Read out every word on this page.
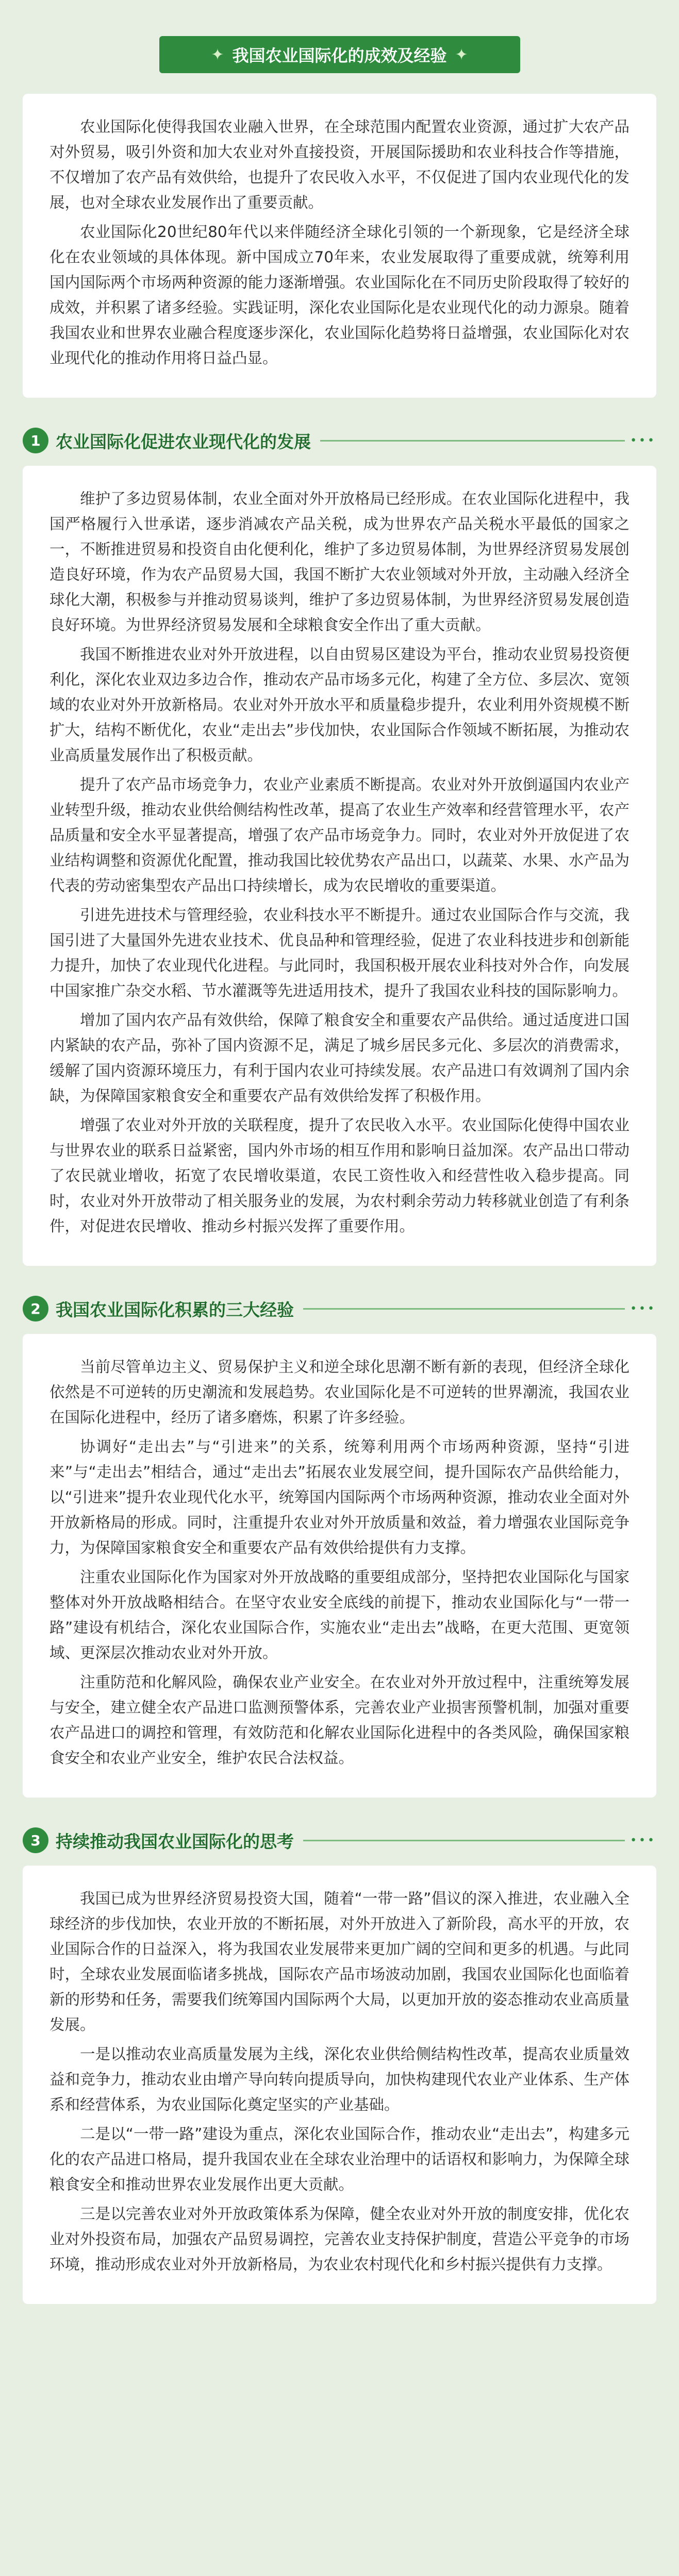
✦ 我国农业国际化的成效及经验 ✦

农业国际化使得我国农业融入世界，在全球范围内配置农业资源，通过扩大农产品对外贸易，吸引外资和加大农业对外直接投资，开展国际援助和农业科技合作等措施，不仅增加了农产品有效供给，也提升了农民收入水平，不仅促进了国内农业现代化的发展，也对全球农业发展作出了重要贡献。

农业国际化20世纪80年代以来伴随经济全球化引领的一个新现象，它是经济全球化在农业领域的具体体现。新中国成立70年来，农业发展取得了重要成就，统筹利用国内国际两个市场两种资源的能力逐渐增强。农业国际化在不同历史阶段取得了较好的成效，并积累了诸多经验。实践证明，深化农业国际化是农业现代化的动力源泉。随着我国农业和世界农业融合程度逐步深化，农业国际化趋势将日益增强，农业国际化对农业现代化的推动作用将日益凸显。

1 农业国际化促进农业现代化的发展	•••

维护了多边贸易体制，农业全面对外开放格局已经形成。在农业国际化进程中，我国严格履行入世承诺，逐步消减农产品关税，成为世界农产品关税水平最低的国家之一，不断推进贸易和投资自由化便利化，维护了多边贸易体制，为世界经济贸易发展创造良好环境，作为农产品贸易大国，我国不断扩大农业领域对外开放，主动融入经济全球化大潮，积极参与并推动贸易谈判，维护了多边贸易体制，为世界经济贸易发展创造良好环境。为世界经济贸易发展和全球粮食安全作出了重大贡献。

我国不断推进农业对外开放进程，以自由贸易区建设为平台，推动农业贸易投资便利化，深化农业双边多边合作，推动农产品市场多元化，构建了全方位、多层次、宽领域的农业对外开放新格局。农业对外开放水平和质量稳步提升，农业利用外资规模不断扩大，结构不断优化，农业“走出去”步伐加快，农业国际合作领域不断拓展，为推动农业高质量发展作出了积极贡献。

提升了农产品市场竞争力，农业产业素质不断提高。农业对外开放倒逼国内农业产业转型升级，推动农业供给侧结构性改革，提高了农业生产效率和经营管理水平，农产品质量和安全水平显著提高，增强了农产品市场竞争力。同时，农业对外开放促进了农业结构调整和资源优化配置，推动我国比较优势农产品出口，以蔬菜、水果、水产品为代表的劳动密集型农产品出口持续增长，成为农民增收的重要渠道。

引进先进技术与管理经验，农业科技水平不断提升。通过农业国际合作与交流，我国引进了大量国外先进农业技术、优良品种和管理经验，促进了农业科技进步和创新能力提升，加快了农业现代化进程。与此同时，我国积极开展农业科技对外合作，向发展中国家推广杂交水稻、节水灌溉等先进适用技术，提升了我国农业科技的国际影响力。

增加了国内农产品有效供给，保障了粮食安全和重要农产品供给。通过适度进口国内紧缺的农产品，弥补了国内资源不足，满足了城乡居民多元化、多层次的消费需求，缓解了国内资源环境压力，有利于国内农业可持续发展。农产品进口有效调剂了国内余缺，为保障国家粮食安全和重要农产品有效供给发挥了积极作用。

增强了农业对外开放的关联程度，提升了农民收入水平。农业国际化使得中国农业与世界农业的联系日益紧密，国内外市场的相互作用和影响日益加深。农产品出口带动了农民就业增收，拓宽了农民增收渠道，农民工资性收入和经营性收入稳步提高。同时，农业对外开放带动了相关服务业的发展，为农村剩余劳动力转移就业创造了有利条件，对促进农民增收、推动乡村振兴发挥了重要作用。

2 我国农业国际化积累的三大经验	•••

当前尽管单边主义、贸易保护主义和逆全球化思潮不断有新的表现，但经济全球化依然是不可逆转的历史潮流和发展趋势。农业国际化是不可逆转的世界潮流，我国农业在国际化进程中，经历了诸多磨炼，积累了许多经验。

协调好“走出去”与“引进来”的关系，统筹利用两个市场两种资源，坚持“引进来”与“走出去”相结合，通过“走出去”拓展农业发展空间，提升国际农产品供给能力，以“引进来”提升农业现代化水平，统筹国内国际两个市场两种资源，推动农业全面对外开放新格局的形成。同时，注重提升农业对外开放质量和效益，着力增强农业国际竞争力，为保障国家粮食安全和重要农产品有效供给提供有力支撑。

注重农业国际化作为国家对外开放战略的重要组成部分，坚持把农业国际化与国家整体对外开放战略相结合。在坚守农业安全底线的前提下，推动农业国际化与“一带一路”建设有机结合，深化农业国际合作，实施农业“走出去”战略，在更大范围、更宽领域、更深层次推动农业对外开放。

注重防范和化解风险，确保农业产业安全。在农业对外开放过程中，注重统筹发展与安全，建立健全农产品进口监测预警体系，完善农业产业损害预警机制，加强对重要农产品进口的调控和管理，有效防范和化解农业国际化进程中的各类风险，确保国家粮食安全和农业产业安全，维护农民合法权益。

3 持续推动我国农业国际化的思考	•••

我国已成为世界经济贸易投资大国，随着“一带一路”倡议的深入推进，农业融入全球经济的步伐加快，农业开放的不断拓展，对外开放进入了新阶段，高水平的开放，农业国际合作的日益深入，将为我国农业发展带来更加广阔的空间和更多的机遇。与此同时，全球农业发展面临诸多挑战，国际农产品市场波动加剧，我国农业国际化也面临着新的形势和任务，需要我们统筹国内国际两个大局，以更加开放的姿态推动农业高质量发展。

一是以推动农业高质量发展为主线，深化农业供给侧结构性改革，提高农业质量效益和竞争力，推动农业由增产导向转向提质导向，加快构建现代农业产业体系、生产体系和经营体系，为农业国际化奠定坚实的产业基础。

二是以“一带一路”建设为重点，深化农业国际合作，推动农业“走出去”，构建多元化的农产品进口格局，提升我国农业在全球农业治理中的话语权和影响力，为保障全球粮食安全和推动世界农业发展作出更大贡献。

三是以完善农业对外开放政策体系为保障，健全农业对外开放的制度安排，优化农业对外投资布局，加强农产品贸易调控，完善农业支持保护制度，营造公平竞争的市场环境，推动形成农业对外开放新格局，为农业农村现代化和乡村振兴提供有力支撑。
